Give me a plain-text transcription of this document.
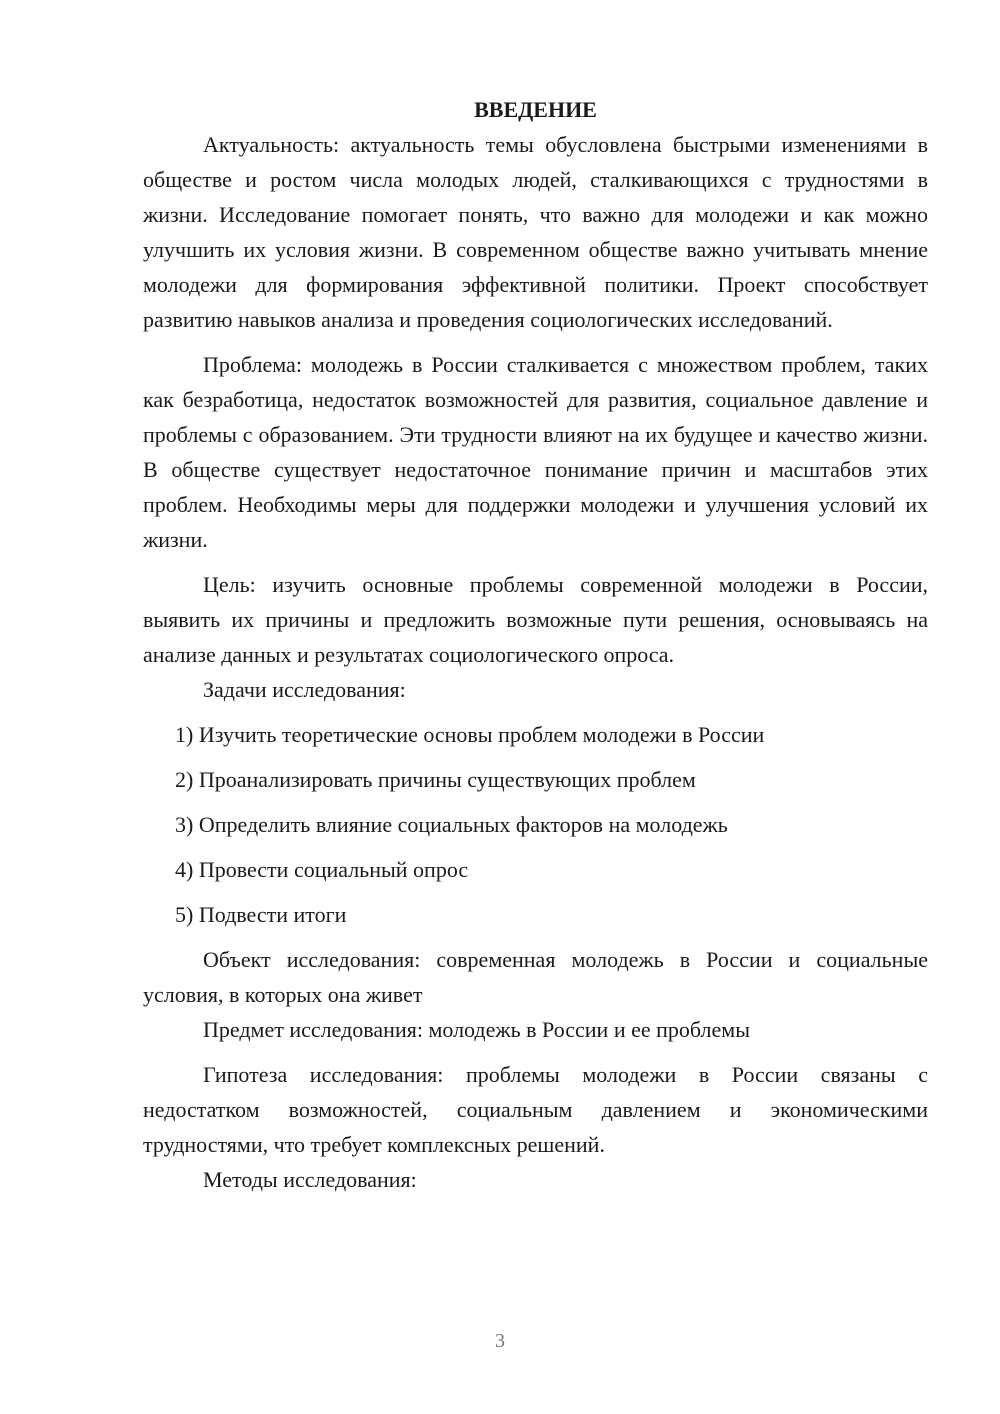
ВВЕДЕНИЕ

Актуальность: актуальность темы обусловлена быстрыми изменениями в обществе и ростом числа молодых людей, сталкивающихся с трудностями в жизни. Исследование помогает понять, что важно для молодежи и как можно улучшить их условия жизни. В современном обществе важно учитывать мнение молодежи для формирования эффективной политики. Проект способствует развитию навыков анализа и проведения социологических исследований.

Проблема: молодежь в России сталкивается с множеством проблем, таких как безработица, недостаток возможностей для развития, социальное давление и проблемы с образованием. Эти трудности влияют на их будущее и качество жизни. В обществе существует недостаточное понимание причин и масштабов этих проблем. Необходимы меры для поддержки молодежи и улучшения условий их жизни.

Цель: изучить основные проблемы современной молодежи в России, выявить их причины и предложить возможные пути решения, основываясь на анализе данных и результатах социологического опроса.

Задачи исследования:

1) Изучить теоретические основы проблем молодежи в России
2) Проанализировать причины существующих проблем
3) Определить влияние социальных факторов на молодежь
4) Провести социальный опрос
5) Подвести итоги

Объект исследования: современная молодежь в России и социальные условия, в которых она живет

Предмет исследования: молодежь в России и ее проблемы

Гипотеза исследования: проблемы молодежи в России связаны с недостатком возможностей, социальным давлением и экономическими трудностями, что требует комплексных решений.

Методы исследования:

3
